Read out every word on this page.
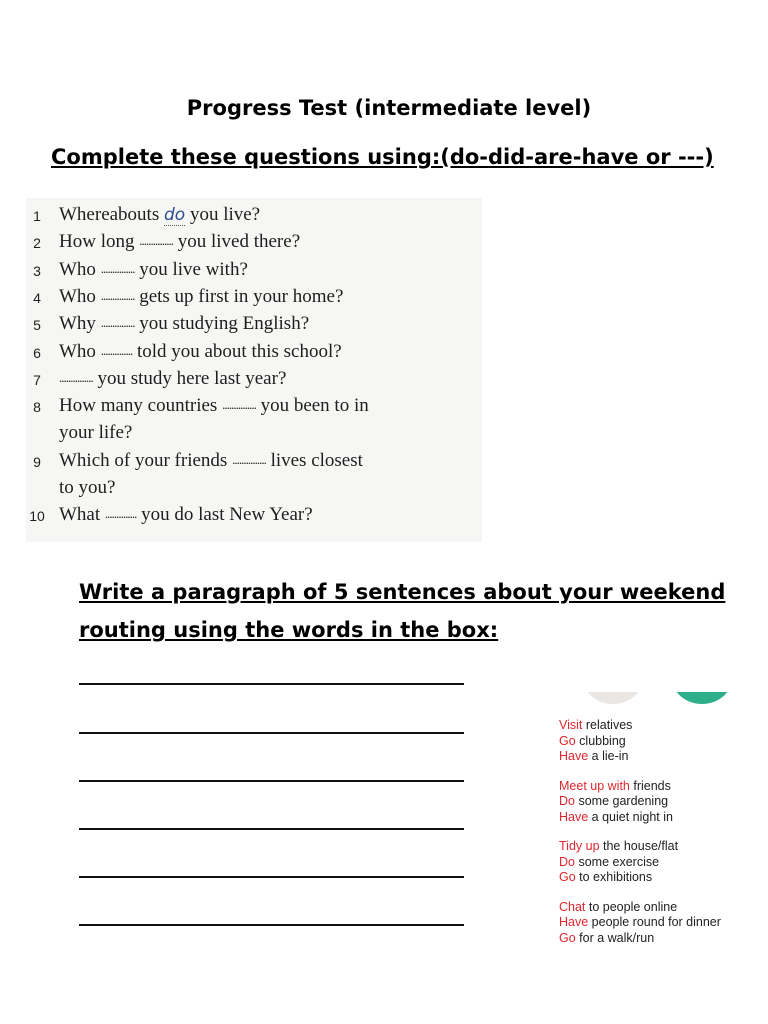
Progress Test (intermediate level)
Complete these questions using:(do-did-are-have or ---)
1 Whereabouts do you live?
2 How long ............... you lived there?
3 Who ............... you live with?
4 Who ............... gets up first in your home?
5 Why ............... you studying English?
6 Who .............. told you about this school?
7	............... you study here last year?
8 How many countries ............... you been to in
your life?
9 Which of your friends ............... lives closest
to you?
10 What .............. you do last New Year?
Write a paragraph of 5 sentences about your weekend routing using the words in the box:
Visit relatives
Go clubbing
Have a lie-in
Meet up with friends
Do some gardening
Have a quiet night in
Tidy up the house/flat
Do some exercise
Go to exhibitions
Chat to people online
Have people round for dinner
Go for a walk/run
